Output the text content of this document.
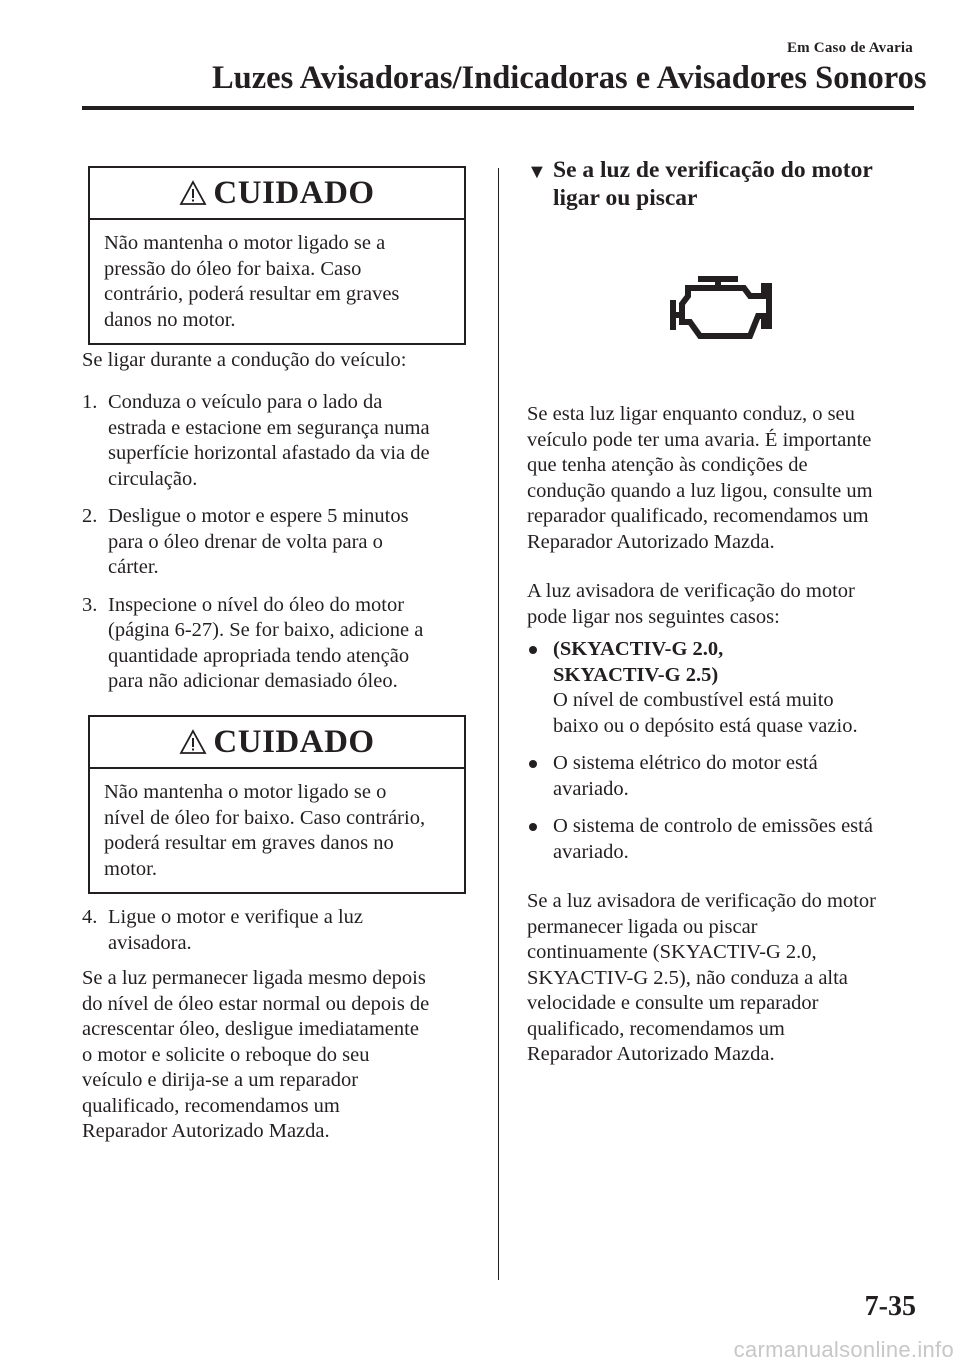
Em Caso de Avaria
Luzes Avisadoras/Indicadoras e Avisadores Sonoros
CUIDADO
Não mantenha o motor ligado se a
pressão do óleo for baixa. Caso
contrário, poderá resultar em graves
danos no motor.
Se ligar durante a condução do veículo:
1. Conduza o veículo para o lado da
estrada e estacione em segurança numa
superfície horizontal afastado da via de
circulação.
2. Desligue o motor e espere 5 minutos
para o óleo drenar de volta para o
cárter.
3. Inspecione o nível do óleo do motor
(página 6-27). Se for baixo, adicione a
quantidade apropriada tendo atenção
para não adicionar demasiado óleo.
CUIDADO
Não mantenha o motor ligado se o
nível de óleo for baixo. Caso contrário,
poderá resultar em graves danos no
motor.
4. Ligue o motor e verifique a luz
avisadora.
Se a luz permanecer ligada mesmo depois
do nível de óleo estar normal ou depois de
acrescentar óleo, desligue imediatamente
o motor e solicite o reboque do seu
veículo e dirija-se a um reparador
qualificado, recomendamos um
Reparador Autorizado Mazda.
▼ Se a luz de verificação do motor
ligar ou piscar
Se esta luz ligar enquanto conduz, o seu
veículo pode ter uma avaria. É importante
que tenha atenção às condições de
condução quando a luz ligou, consulte um
reparador qualificado, recomendamos um
Reparador Autorizado Mazda.
A luz avisadora de verificação do motor
pode ligar nos seguintes casos:
(SKYACTIV-G 2.0,
SKYACTIV-G 2.5)
O nível de combustível está muito
baixo ou o depósito está quase vazio.
O sistema elétrico do motor está
avariado.
O sistema de controlo de emissões está
avariado.
Se a luz avisadora de verificação do motor
permanecer ligada ou piscar
continuamente (SKYACTIV-G 2.0,
SKYACTIV-G 2.5), não conduza a alta
velocidade e consulte um reparador
qualificado, recomendamos um
Reparador Autorizado Mazda.
7-35
carmanualsonline.info
